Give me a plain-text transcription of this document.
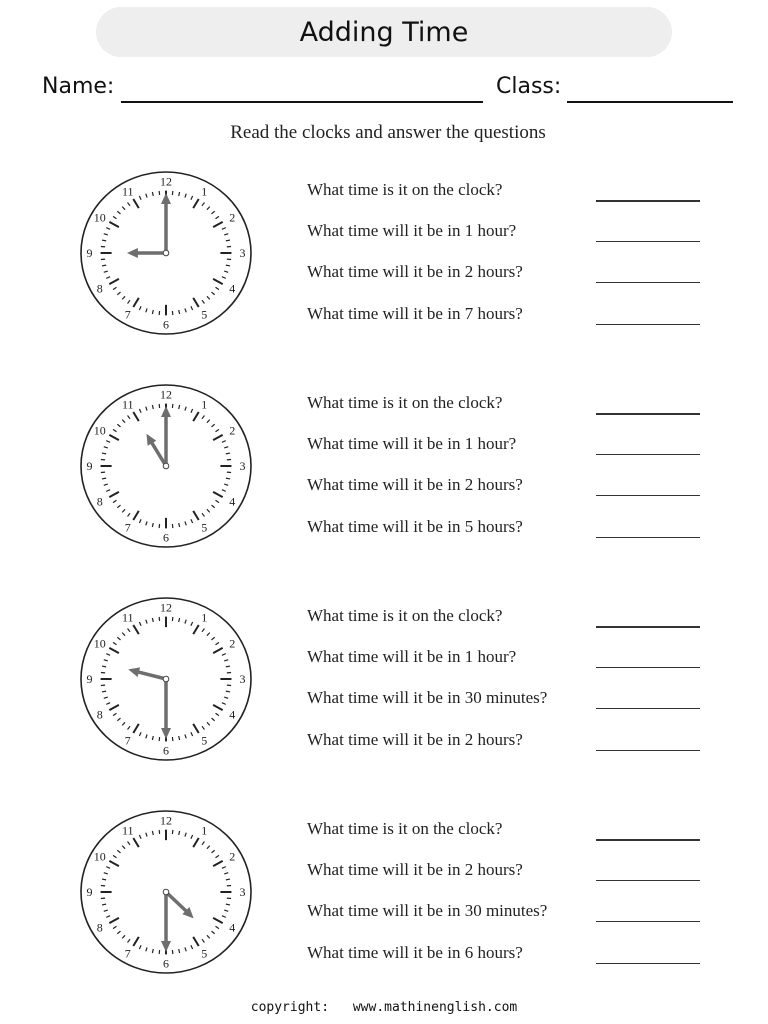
Adding Time
Name:	Class:
Read the clocks and answer the questions
12
1
2
3
4
5
6
7
8
9
10
11	What time is it on the clock?
What time will it be in 1 hour?
What time will it be in 2 hours?
What time will it be in 7 hours?
12
1
2
3
4
5
6
7
8
9
10
11	What time is it on the clock?
What time will it be in 1 hour?
What time will it be in 2 hours?
What time will it be in 5 hours?
12
1
2
3
4
5
6
7
8
9
10
11	What time is it on the clock?
What time will it be in 1 hour?
What time will it be in 30 minutes?
What time will it be in 2 hours?
12
1
2
3
4
5
6
7
8
9
10
11	What time is it on the clock?
What time will it be in 2 hours?
What time will it be in 30 minutes?
What time will it be in 6 hours?
copyright: www.mathinenglish.com
